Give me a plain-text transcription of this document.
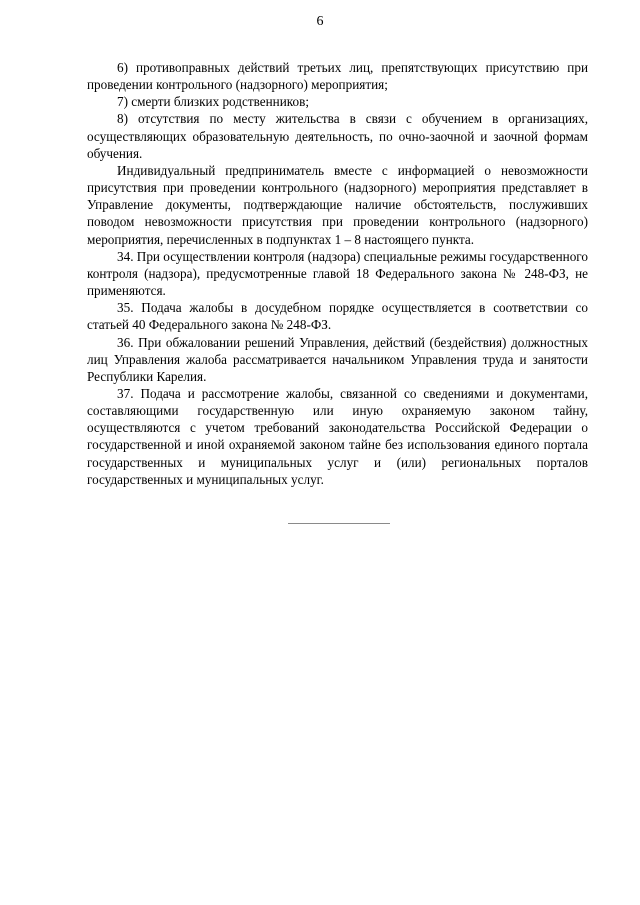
6

6) противоправных действий третьих лиц, препятствующих присутствию при проведении контрольного (надзорного) мероприятия;

7) смерти близких родственников;

8) отсутствия по месту жительства в связи с обучением в организациях, осуществляющих образовательную деятельность, по очно-заочной и заочной формам обучения.

Индивидуальный предприниматель вместе с информацией о невозможности присутствия при проведении контрольного (надзорного) мероприятия представляет в Управление документы, подтверждающие наличие обстоятельств, послуживших поводом невозможности присутствия при проведении контрольного (надзорного) мероприятия, перечисленных в подпунктах 1 – 8 настоящего пункта.

34. При осуществлении контроля (надзора) специальные режимы государственного контроля (надзора), предусмотренные главой 18 Федерального закона № 248-ФЗ, не применяются.

35. Подача жалобы в досудебном порядке осуществляется в соответствии со статьей 40 Федерального закона № 248-ФЗ.

36. При обжаловании решений Управления, действий (бездействия) должностных лиц Управления жалоба рассматривается начальником Управления труда и занятости Республики Карелия.

37. Подача и рассмотрение жалобы, связанной со сведениями и документами, составляющими государственную или иную охраняемую законом тайну, осуществляются с учетом требований законодательства Российской Федерации о государственной и иной охраняемой законом тайне без использования единого портала государственных и муниципальных услуг и (или) региональных порталов государственных и муниципальных услуг.
